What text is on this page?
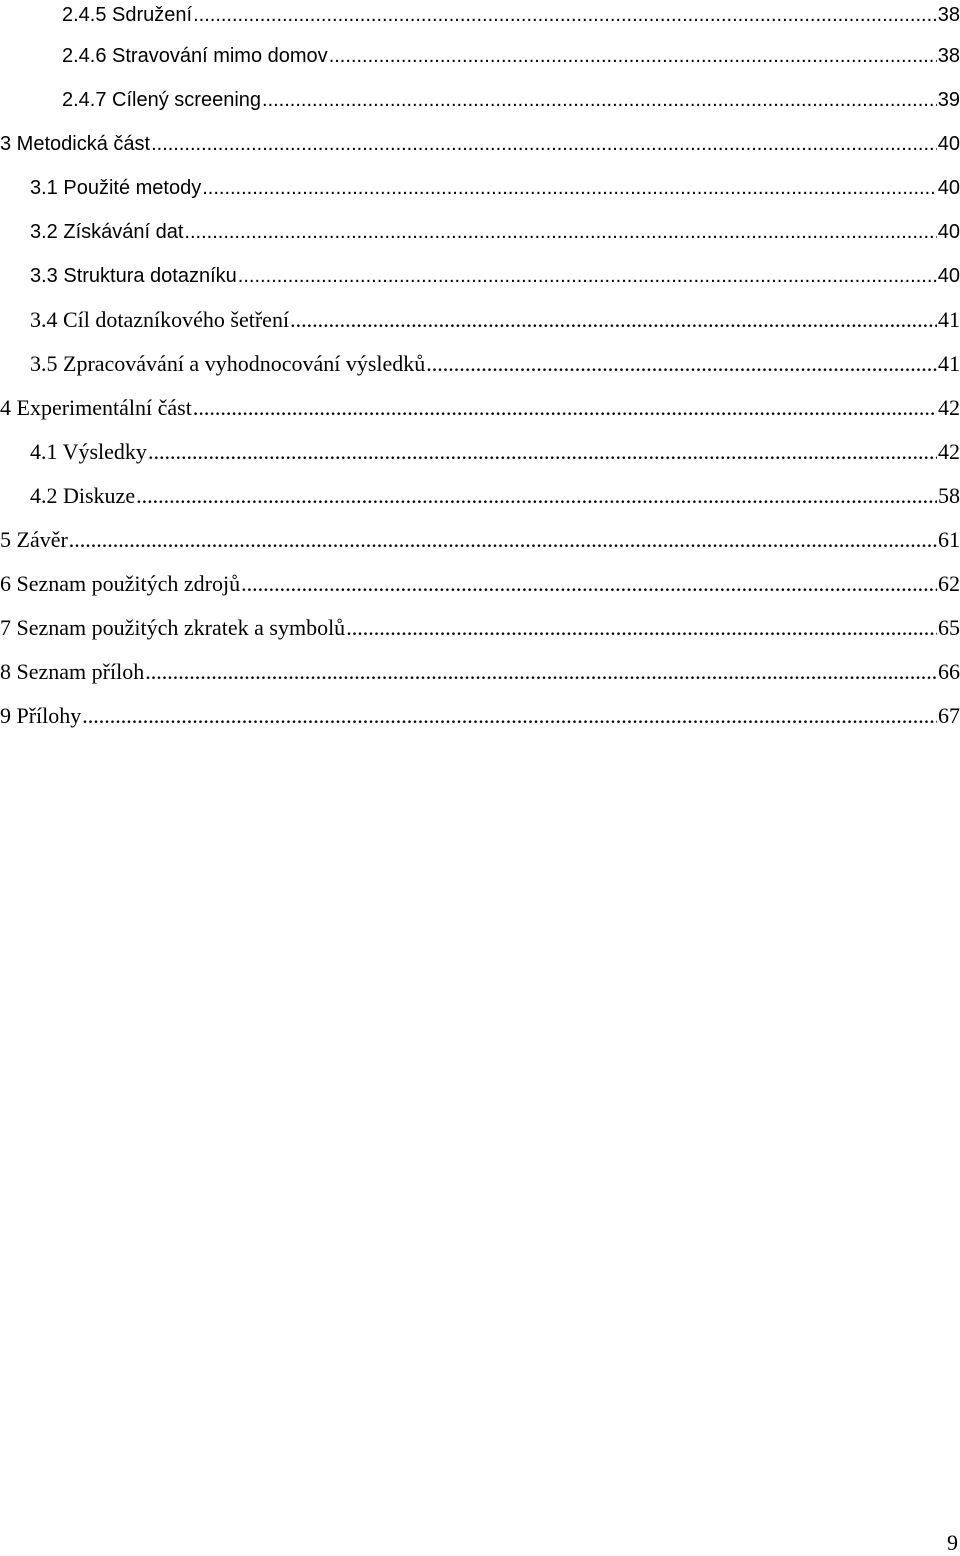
2.4.5 Sdružení .....	38
2.4.6 Stravování mimo domov .....	38
2.4.7 Cílený screening .....	39
3 Metodická část .....	40
3.1 Použité metody .....	40
3.2 Získávání dat .....	40
3.3 Struktura dotazníku .....	40
3.4 Cíl dotazníkového šetření .....	41
3.5 Zpracovávání a vyhodnocování výsledků .....	41
4 Experimentální část .....	42
4.1 Výsledky .....	42
4.2 Diskuze .....	58
5 Závěr .....	61
6 Seznam použitých zdrojů .....	62
7 Seznam použitých zkratek a symbolů .....	65
8 Seznam příloh .....	66
9 Přílohy .....	67
9
